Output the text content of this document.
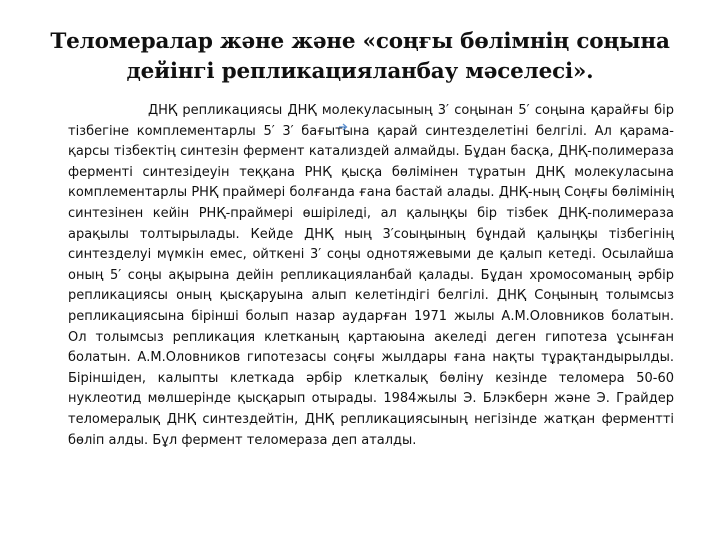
Теломералар және және «соңғы бөлімнің соңына дейінгі репликацияланбау мәселесі».

ДНҚ репликациясы ДНҚ молекуласының 3′ соңынан 5′ соңына қарайғы бір тізбегіне комплементарлы 5′ 3′ бағытына қарай синтезделетіні белгілі. Ал қарама-қарсы тізбектің синтезін фермент катализдей алмайды. Бұдан басқа, ДНҚ-полимераза ферменті синтезідеуін теққана РНҚ қысқа бөлімінен тұратын ДНҚ молекуласына комплементарлы РНҚ праймері болғанда ғана бастай алады. ДНҚ-ның Соңғы бөлімінің синтезінен кейін РНҚ-праймері өшіріледі, ал қалыңқы бір тізбек ДНҚ-полимераза арақылы толтырылады. Кейде ДНҚ ның 3′соыңының бұндай қалыңқы тізбегінің синтезделуі мүмкін емес, ойткені 3′ соңы однотяжевыми де қалып кетеді. Осылайша оның 5′ соңы ақырына дейін репликацияланбай қалады. Бұдан хромосоманың әрбір репликациясы оның қысқаруына алып келетіндігі белгілі. ДНҚ Соңының толымсыз репликациясына бірінші болып назар аударған 1971 жылы А.М.Оловников болатын. Ол толымсыз репликация клетканың қартаюына акеледі деген гипотеза ұсынған болатын. А.М.Оловников гипотезасы соңғы жылдары ғана нақты тұрақтандырылды. Біріншіден, калыпты клеткада әрбір клеткалық бөліну кезінде теломера 50-60 нуклеотид мөлшерінде қысқарып отырады. 1984жылы Э. Блэкберн және Э. Грайдер теломералық ДНҚ синтездейтін, ДНҚ репликациясының негізінде жатқан ферментті бөліп алды. Бұл фермент теломераза деп аталды.
